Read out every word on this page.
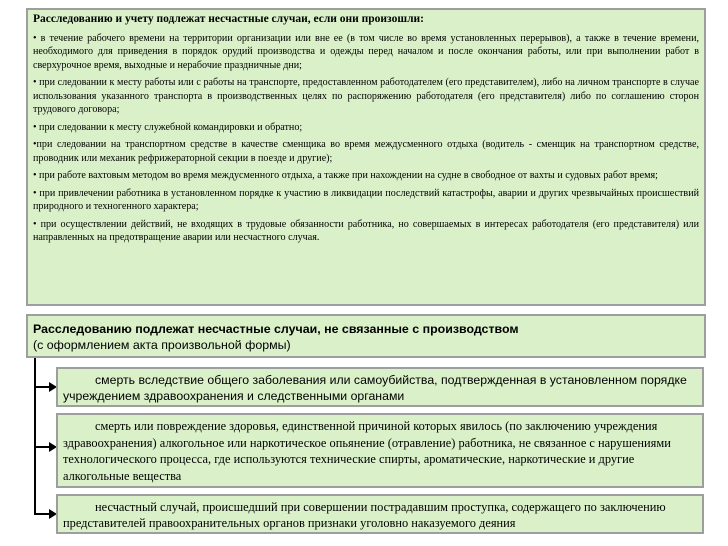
Расследованию и учету подлежат несчастные случаи, если они произошли:

• в течение рабочего времени на территории организации или вне ее (в том числе во время установленных перерывов), а также в течение времени, необходимого для приведения в порядок орудий производства и одежды перед началом и после окончания работы, или при выполнении работ в сверхурочное время, выходные и нерабочие праздничные дни;

• при следовании к месту работы или с работы на транспорте, предоставленном работодателем (его представителем), либо на личном транспорте в случае использования указанного транспорта в производственных целях по распоряжению работодателя (его представителя) либо по соглашению сторон трудового договора;

• при следовании к месту служебной командировки и обратно;

•при следовании на транспортном средстве в качестве сменщика во время междусменного отдыха (водитель - сменщик на транспортном средстве, проводник или механик рефрижераторной секции в поезде и другие);

• при работе вахтовым методом во время междусменного отдыха, а также при нахождении на судне в свободное от вахты и судовых работ время;

• при привлечении работника в установленном порядке к участию в ликвидации последствий катастрофы, аварии и других чрезвычайных происшествий природного и техногенного характера;

• при осуществлении действий, не входящих в трудовые обязанности работника, но совершаемых в интересах работодателя (его представителя) или направленных на предотвращение аварии или несчастного случая.

Расследованию подлежат несчастные случаи, не связанные с производством
(с оформлением акта произвольной формы)
смерть вследствие общего заболевания или самоубийства, подтвержденная в установленном порядке учреждением здравоохранения и следственными органами
смерть или повреждение здоровья, единственной причиной которых явилось (по заключению учреждения здравоохранения) алкогольное или наркотическое опьянение (отравление) работника, не связанное с нарушениями технологического процесса, где используются технические спирты, ароматические, наркотические и другие алкогольные вещества
несчастный случай, происшедший при совершении пострадавшим проступка, содержащего по заключению представителей правоохранительных органов признаки уголовно наказуемого деяния
